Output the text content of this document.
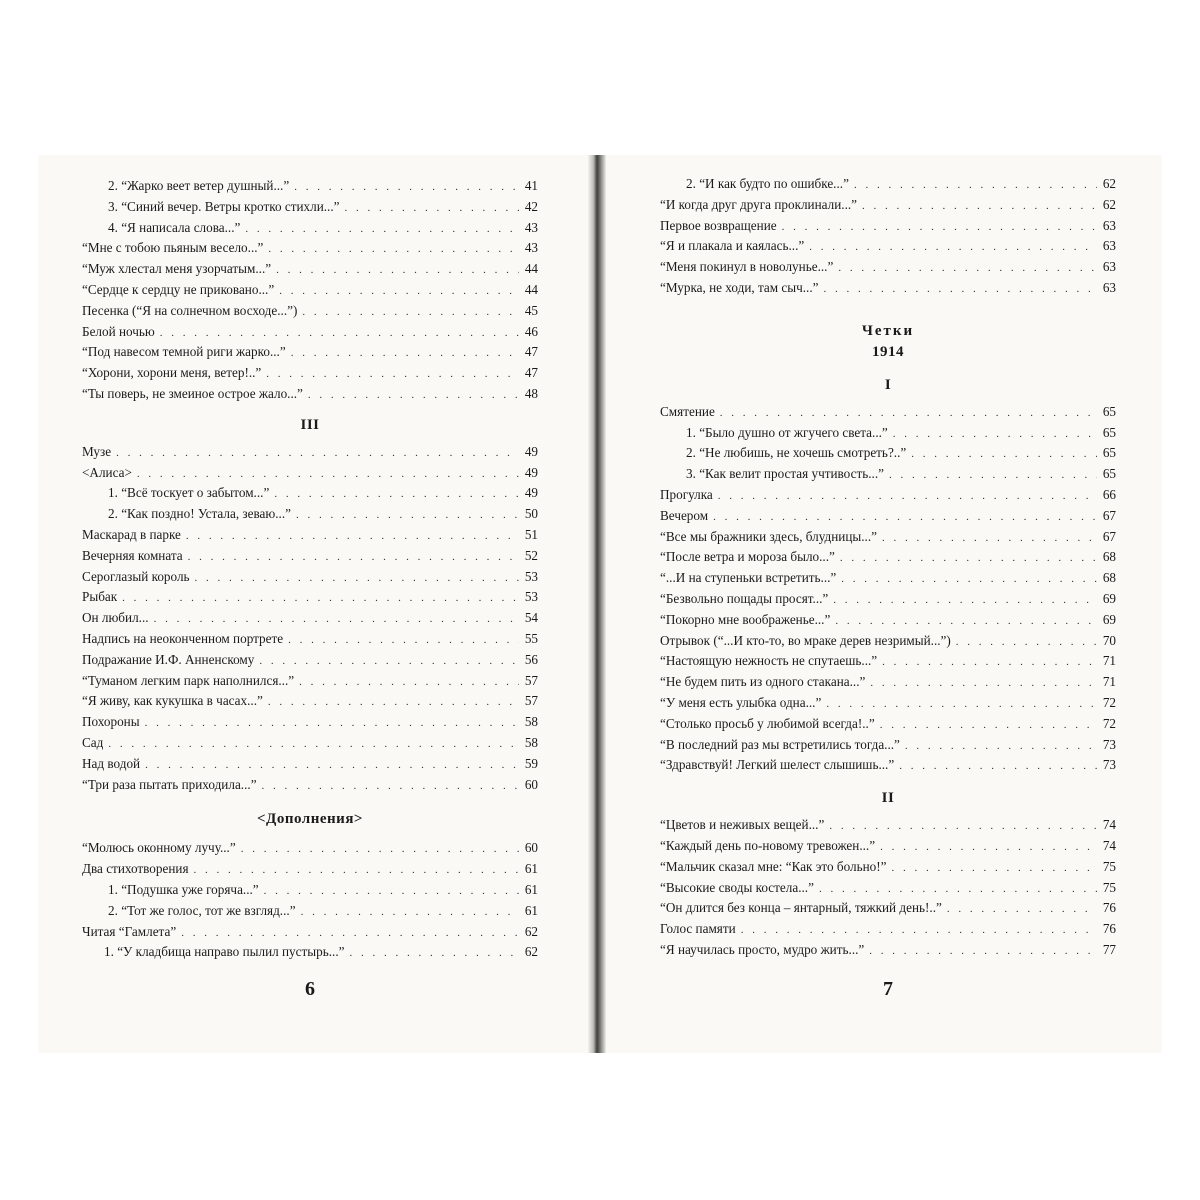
2. “Жарко веет ветер душный...” . . .	41
3. “Синий вечер. Ветры кротко стихли...” . . .	42
4. “Я написала слова...” . . .	43
“Мне с тобою пьяным весело...” . . .	43
“Муж хлестал меня узорчатым...” . . .	44
“Сердце к сердцу не приковано...” . . .	44
Песенка (“Я на солнечном восходе...”) . . .	45
Белой ночью . . .	46
“Под навесом темной риги жарко...” . . .	47
“Хорони, хорони меня, ветер!..” . . .	47
“Ты поверь, не змеиное острое жало...” . . .	48
III
Музе . . .	49
<Алиса> . . .	49
1. “Всё тоскует о забытом...” . . .	49
2. “Как поздно! Устала, зеваю...” . . .	50
Маскарад в парке . . .	51
Вечерняя комната . . .	52
Сероглазый король . . .	53
Рыбак . . .	53
Он любил... . . .	54
Надпись на неоконченном портрете . . .	55
Подражание И.Ф. Анненскому . . .	56
“Туманом легким парк наполнился...” . . .	57
“Я живу, как кукушка в часах...” . . .	57
Похороны . . .	58
Сад . . .	58
Над водой . . .	59
“Три раза пытать приходила...” . . .	60
<Дополнения>
“Молюсь оконному лучу...” . . .	60
Два стихотворения . . .	61
1. “Подушка уже горяча...” . . .	61
2. “Тот же голос, тот же взгляд...” . . .	61
Читая “Гамлета” . . .	62
1. “У кладбища направо пылил пустырь...” . . .	62

6

2. “И как будто по ошибке...” . . .	62
“И когда друг друга проклинали...” . . .	62
Первое возвращение . . .	63
“Я и плакала и каялась...” . . .	63
“Меня покинул в новолунье...” . . .	63
“Мурка, не ходи, там сыч...” . . .	63
Четки
1914
I
Смятение . . .	65
1. “Было душно от жгучего света...” . . .	65
2. “Не любишь, не хочешь смотреть?..” . . .	65
3. “Как велит простая учтивость...” . . .	65
Прогулка . . .	66
Вечером . . .	67
“Все мы бражники здесь, блудницы...” . . .	67
“После ветра и мороза было...” . . .	68
“...И на ступеньки встретить...” . . .	68
“Безвольно пощады просят...” . . .	69
“Покорно мне воображенье...” . . .	69
Отрывок (“...И кто-то, во мраке дерев незримый...”) . . .	70
“Настоящую нежность не спутаешь...” . . .	71
“Не будем пить из одного стакана...” . . .	71
“У меня есть улыбка одна...” . . .	72
“Столько просьб у любимой всегда!..” . . .	72
“В последний раз мы встретились тогда...” . . .	73
“Здравствуй! Легкий шелест слышишь...” . . .	73
II
“Цветов и неживых вещей...” . . .	74
“Каждый день по-новому тревожен...” . . .	74
“Мальчик сказал мне: “Как это больно!” . . .	75
“Высокие своды костела...” . . .	75
“Он длится без конца – янтарный, тяжкий день!..” . . .	76
Голос памяти . . .	76
“Я научилась просто, мудро жить...” . . .	77

7
